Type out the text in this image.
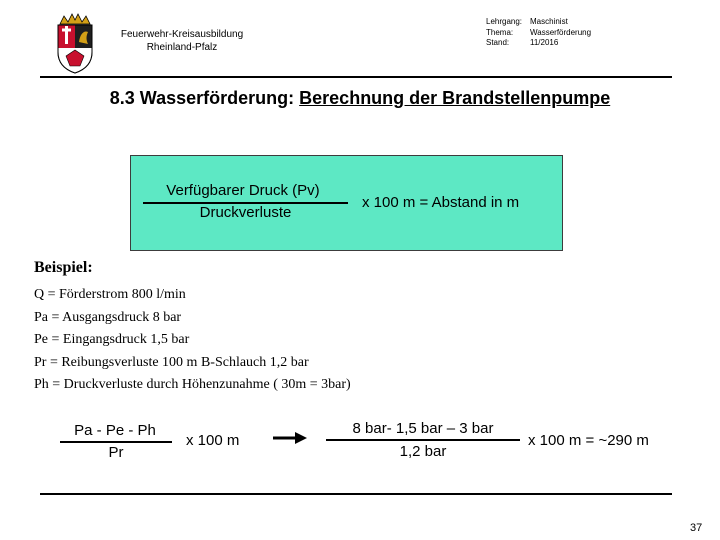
Feuerwehr-Kreisausbildung
Rheinland-Pfalz
Lehrgang: Maschinist
Thema:	Wasserförderung
Stand:	11/2016
8.3 Wasserförderung: Berechnung der Brandstellenpumpe
Verfügbarer Druck (Pv)
Druckverluste
x 100 m = Abstand in m
Beispiel:
Q = Förderstrom 800 l/min
Pa = Ausgangsdruck 8 bar
Pe = Eingangsdruck 1,5 bar
Pr = Reibungsverluste 100 m B-Schlauch 1,2 bar
Ph = Druckverluste durch Höhenzunahme ( 30m = 3bar)
Pa - Pe - Ph
Pr
x 100 m
8 bar- 1,5 bar – 3 bar
1,2 bar
x 100 m = ~290 m
37
